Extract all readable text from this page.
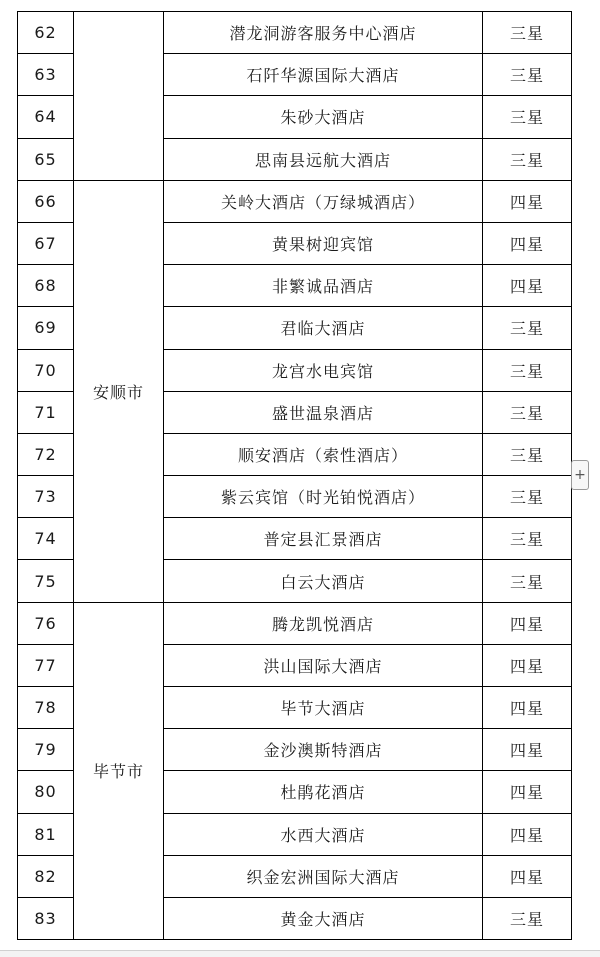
62		潜龙洞游客服务中心酒店	三星
63		石阡华源国际大酒店	三星
64		朱砂大酒店	三星
65		思南县远航大酒店	三星
66	安顺市	关岭大酒店（万绿城酒店）	四星
67		黄果树迎宾馆	四星
68		非繁诚品酒店	四星
69		君临大酒店	三星
70		龙宫水电宾馆	三星
71		盛世温泉酒店	三星
72		顺安酒店（索性酒店）	三星
73		紫云宾馆（时光铂悦酒店）	三星
74		普定县汇景酒店	三星
75		白云大酒店	三星
76	毕节市	腾龙凯悦酒店	四星
77		洪山国际大酒店	四星
78		毕节大酒店	四星
79		金沙澳斯特酒店	四星
80		杜鹃花酒店	四星
81		水西大酒店	四星
82		织金宏洲国际大酒店	四星
83		黄金大酒店	三星
+
